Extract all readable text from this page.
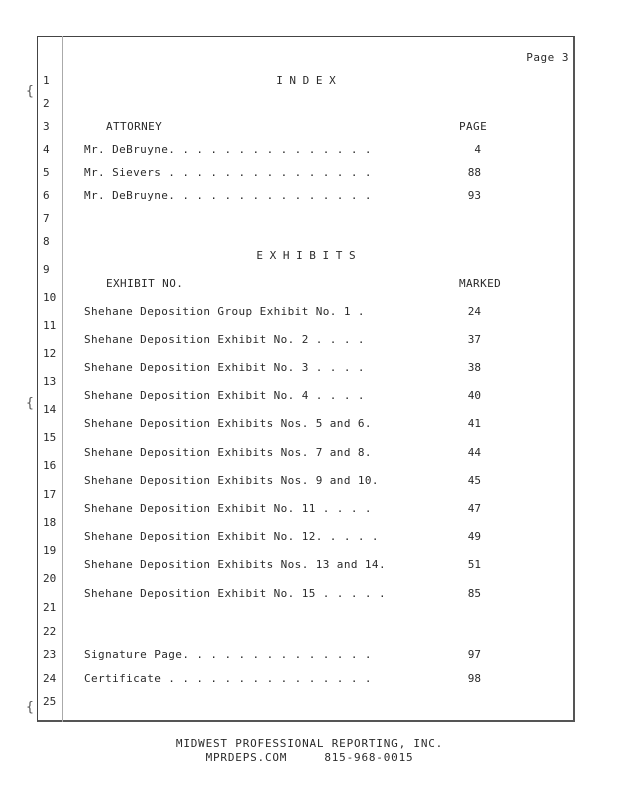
{
{
{
Page 3
1
2
3
4
5
6
7
8
9
10
11
12
13
14
15
16
17
18
19
20
21
22
23
24
25
I N D E X
ATTORNEY	PAGE
Mr. DeBruyne. . . . . . . . . . . . . . .	4
Mr. Sievers . . . . . . . . . . . . . . .	88
Mr. DeBruyne. . . . . . . . . . . . . . .	93
E X H I B I T S
EXHIBIT NO.	MARKED
Shehane Deposition Group Exhibit No. 1 .	24
Shehane Deposition Exhibit No. 2 . . . .	37
Shehane Deposition Exhibit No. 3 . . . .	38
Shehane Deposition Exhibit No. 4 . . . .	40
Shehane Deposition Exhibits Nos. 5 and 6.	41
Shehane Deposition Exhibits Nos. 7 and 8.	44
Shehane Deposition Exhibits Nos. 9 and 10.	45
Shehane Deposition Exhibit No. 11 . . . .	47
Shehane Deposition Exhibit No. 12. . . . .	49
Shehane Deposition Exhibits Nos. 13 and 14.	51
Shehane Deposition Exhibit No. 15 . . . . .	85
Signature Page. . . . . . . . . . . . . .	97
Certificate . . . . . . . . . . . . . . .	98
MIDWEST PROFESSIONAL REPORTING, INC.
MPRDEPS.COM     815-968-0015
